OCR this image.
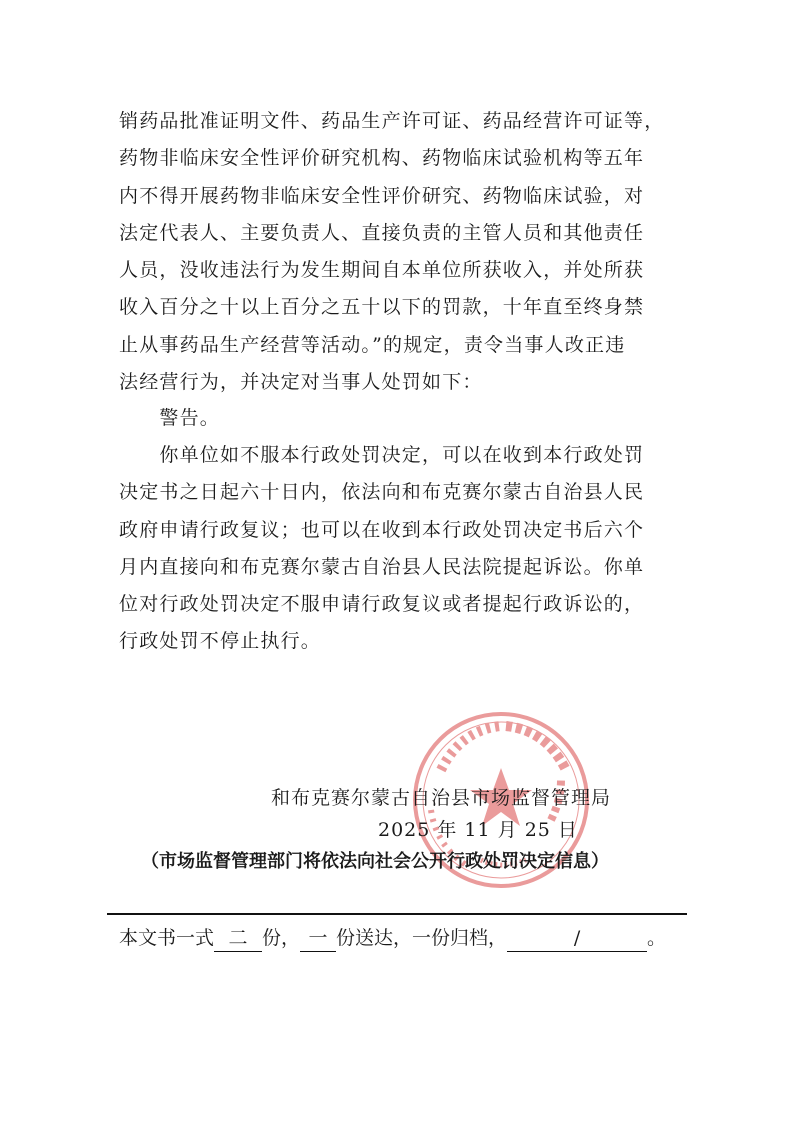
销药品批准证明文件、药品生产许可证、药品经营许可证等，
药物非临床安全性评价研究机构、药物临床试验机构等五年
内不得开展药物非临床安全性评价研究、药物临床试验，对
法定代表人、主要负责人、直接负责的主管人员和其他责任
人员，没收违法行为发生期间自本单位所获收入，并处所获
收入百分之十以上百分之五十以下的罚款，十年直至终身禁
止从事药品生产经营等活动。”的规定，责令当事人改正违
法经营行为，并决定对当事人处罚如下：
　　警告。
　　你单位如不服本行政处罚决定，可以在收到本行政处罚
决定书之日起六十日内，依法向和布克赛尔蒙古自治县人民
政府申请行政复议；也可以在收到本行政处罚决定书后六个
月内直接向和布克赛尔蒙古自治县人民法院提起诉讼。你单
位对行政处罚决定不服申请行政复议或者提起行政诉讼的，
行政处罚不停止执行。
和布克赛尔蒙古自治县市场监督管理局
2025 年 11 月 25 日
（市场监督管理部门将依法向社会公开行政处罚决定信息）
本文书一式 二 份， 一 份送达，一份归档，	/	。
